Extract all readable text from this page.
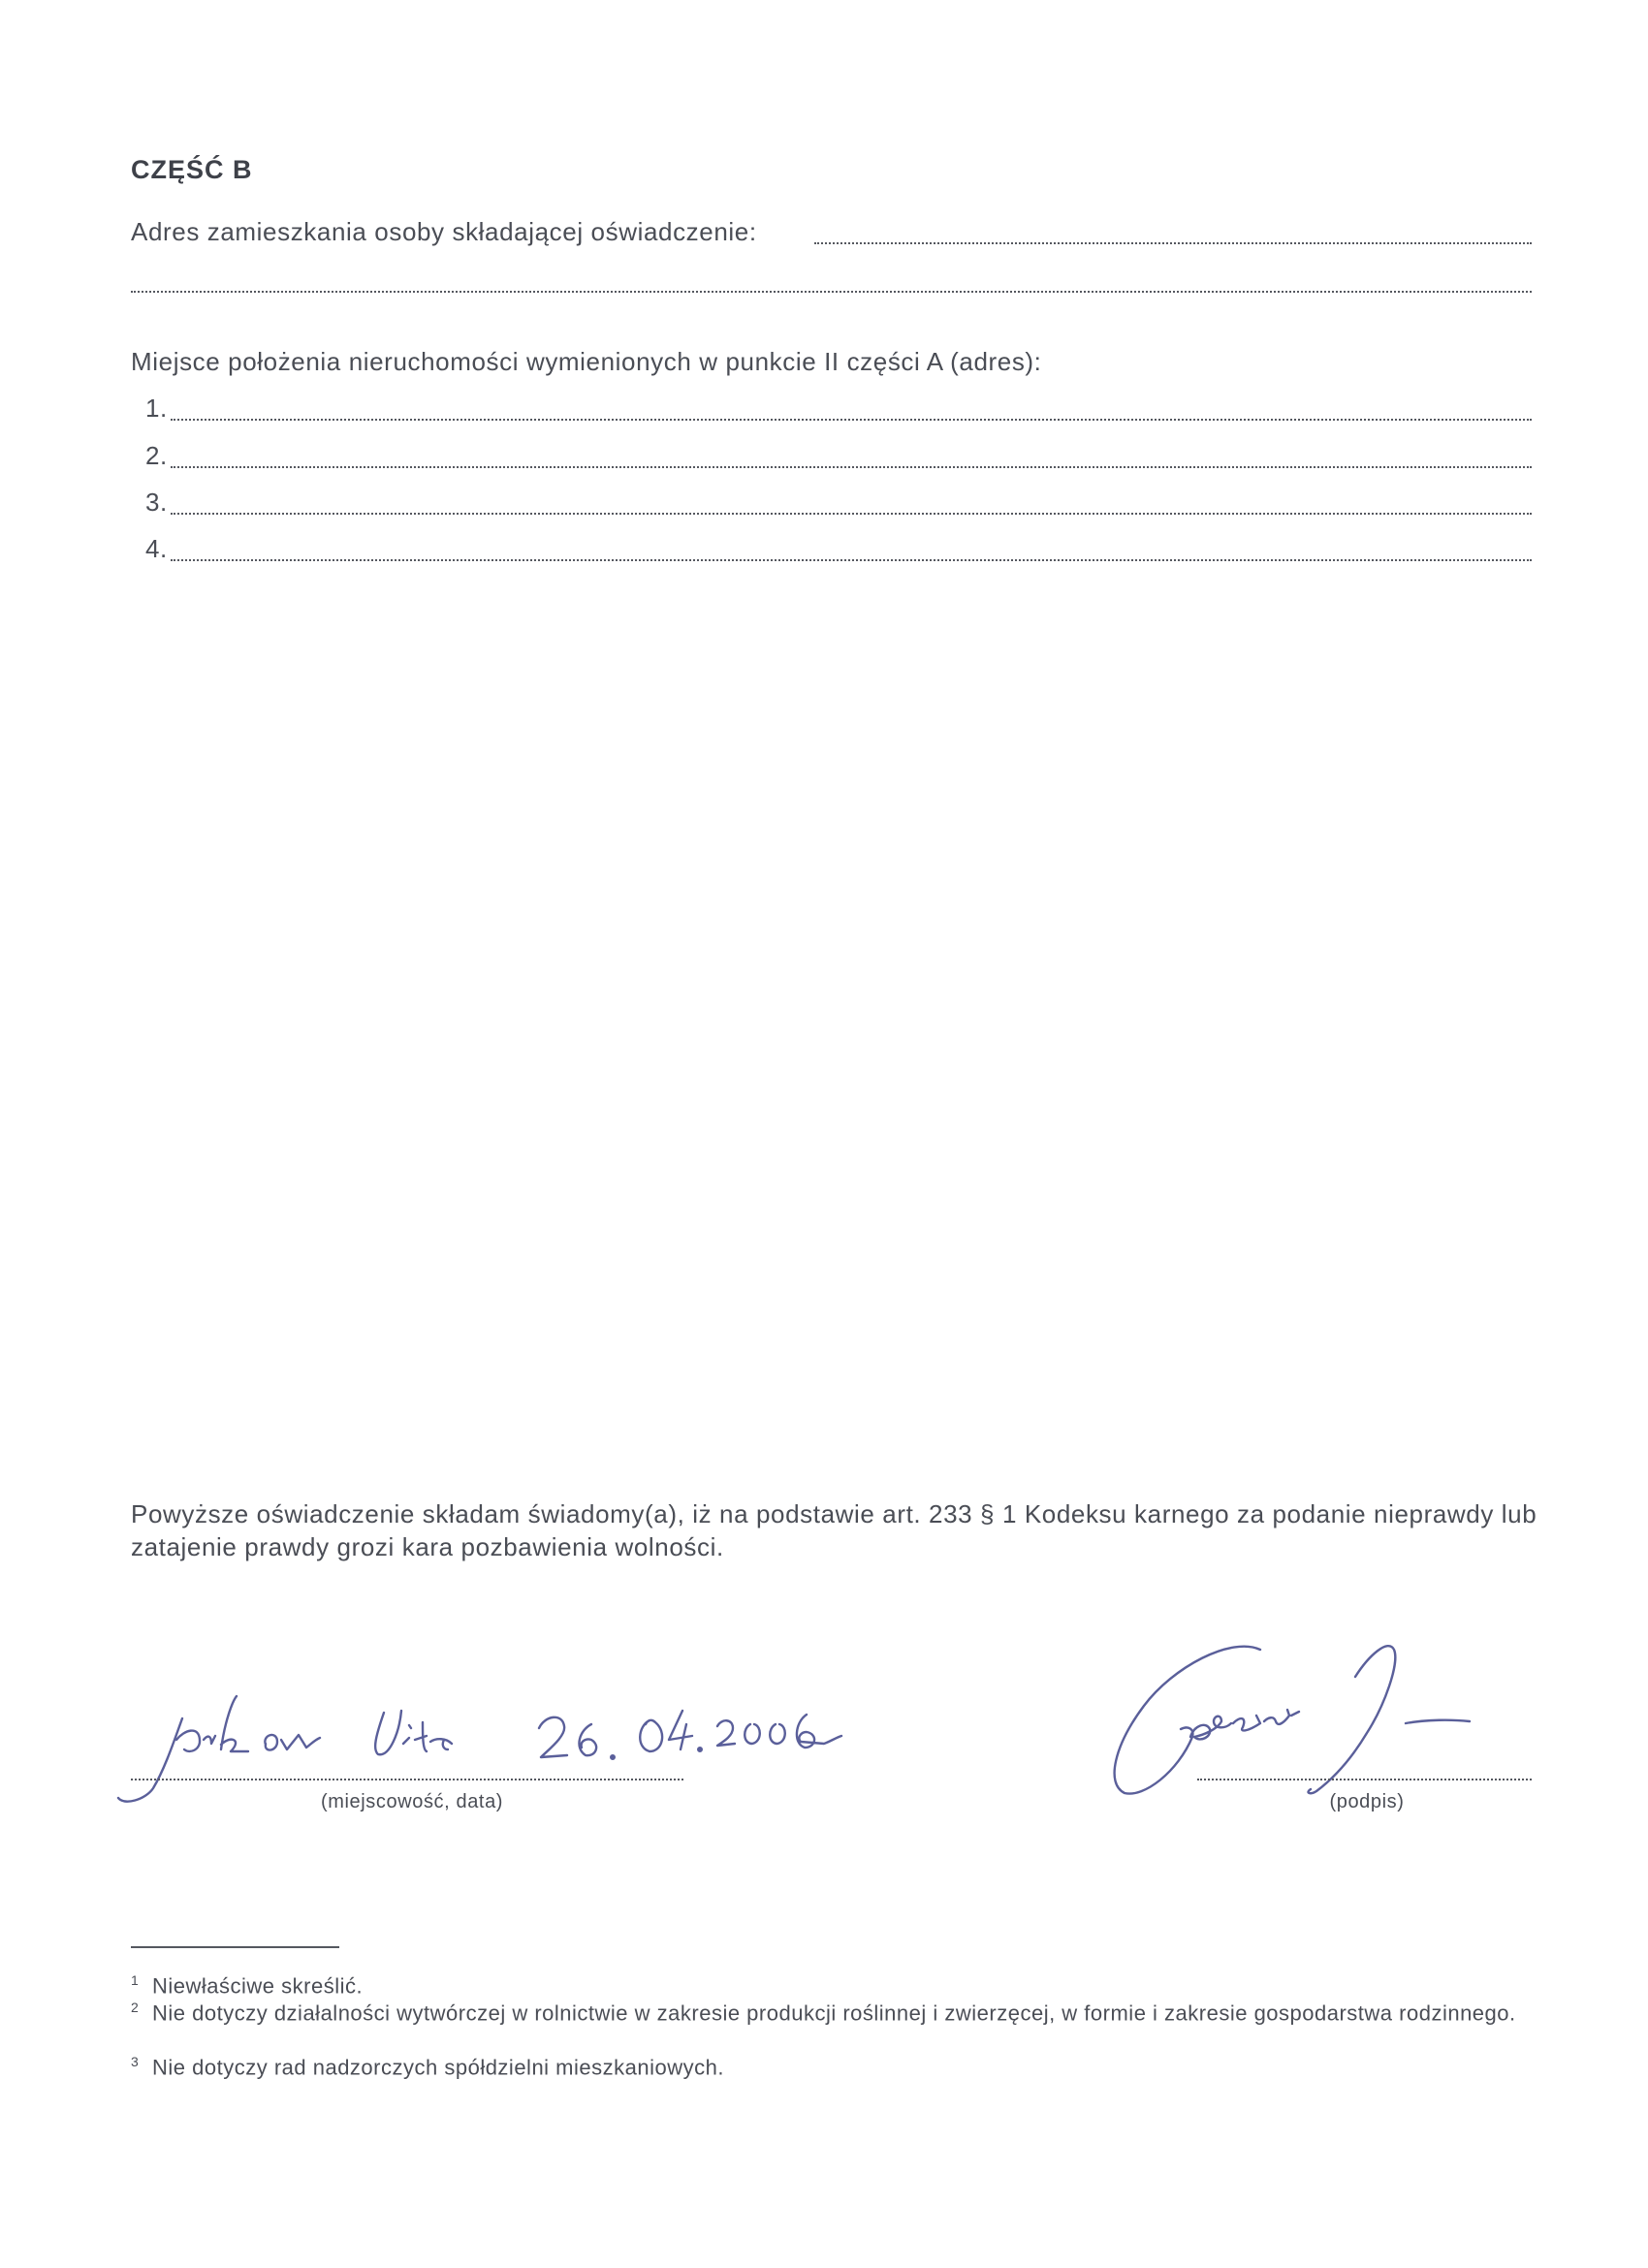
CZĘŚĆ B
Adres zamieszkania osoby składającej oświadczenie:
Miejsce położenia nieruchomości wymienionych w punkcie II części A (adres):
1.
2.
3.
4.
Powyższe oświadczenie składam świadomy(a), iż na podstawie art. 233 § 1 Kodeksu karnego za podanie nieprawdy lub zatajenie prawdy grozi kara pozbawienia wolności.
(miejscowość, data)	(podpis)
$^1$ Niewłaściwe skreślić.
$^2$ Nie dotyczy działalności wytwórczej w rolnictwie w zakresie produkcji roślinnej i zwierzęcej, w formie i zakresie gospodarstwa rodzinnego.
$^3$ Nie dotyczy rad nadzorczych spółdzielni mieszkaniowych.
